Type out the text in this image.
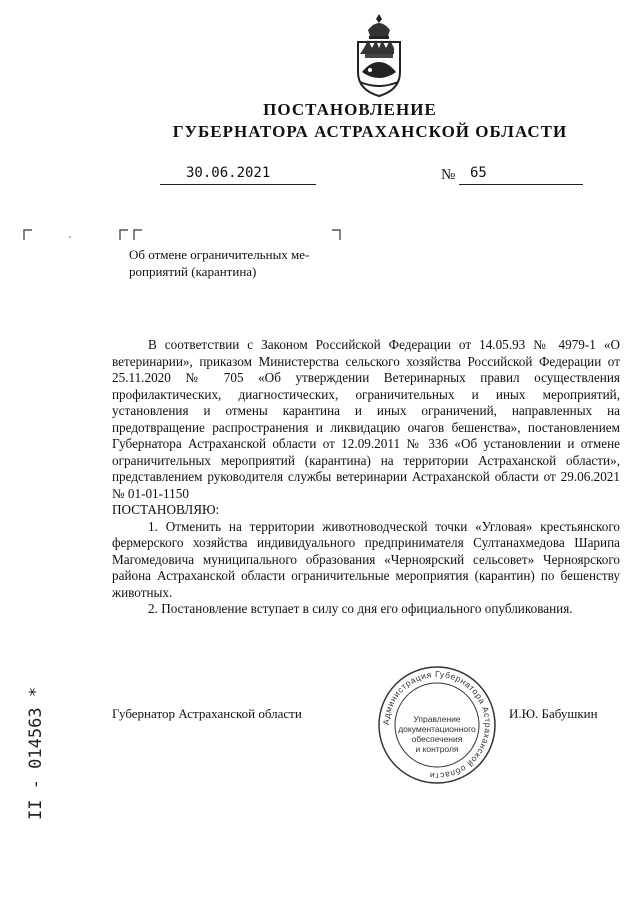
ПОСТАНОВЛЕНИЕ
ГУБЕРНАТОРА АСТРАХАНСКОЙ ОБЛАСТИ
30.06.2021	№ 65
Об отмене ограничительных ме-
роприятий (карантина)

В соответствии с Законом Российской Федерации от 14.05.93 № 4979-1 «О ветеринарии», приказом Министерства сельского хозяйства Российской Федерации от 25.11.2020 № 705 «Об утверждении Ветеринарных правил осуществления профилактических, диагностических, ограничительных и иных мероприятий, установления и отмены карантина и иных ограничений, направленных на предотвращение распространения и ликвидацию очагов бешенства», постановлением Губернатора Астраханской области от 12.09.2011 № 336 «Об установлении и отмене ограничительных мероприятий (карантина) на территории Астраханской области», представлением руководителя службы ветеринарии Астраханской области от 29.06.2021 № 01-01-1150

ПОСТАНОВЛЯЮ:

1. Отменить на территории животноводческой точки «Угловая» крестьянского фермерского хозяйства индивидуального предпринимателя Султанахмедова Шарипа Магомедовича муниципального образования «Черноярский сельсовет» Черноярского района Астраханской области ограничительные мероприятия (карантин) по бешенству животных.

2. Постановление вступает в силу со дня его официального опубликования.

Губернатор Астраханской области	И.Ю. Бабушкин
Администрация Губернатора Астраханской области
Управление
документационного
обеспечения
и контроля
II - 014563 *
